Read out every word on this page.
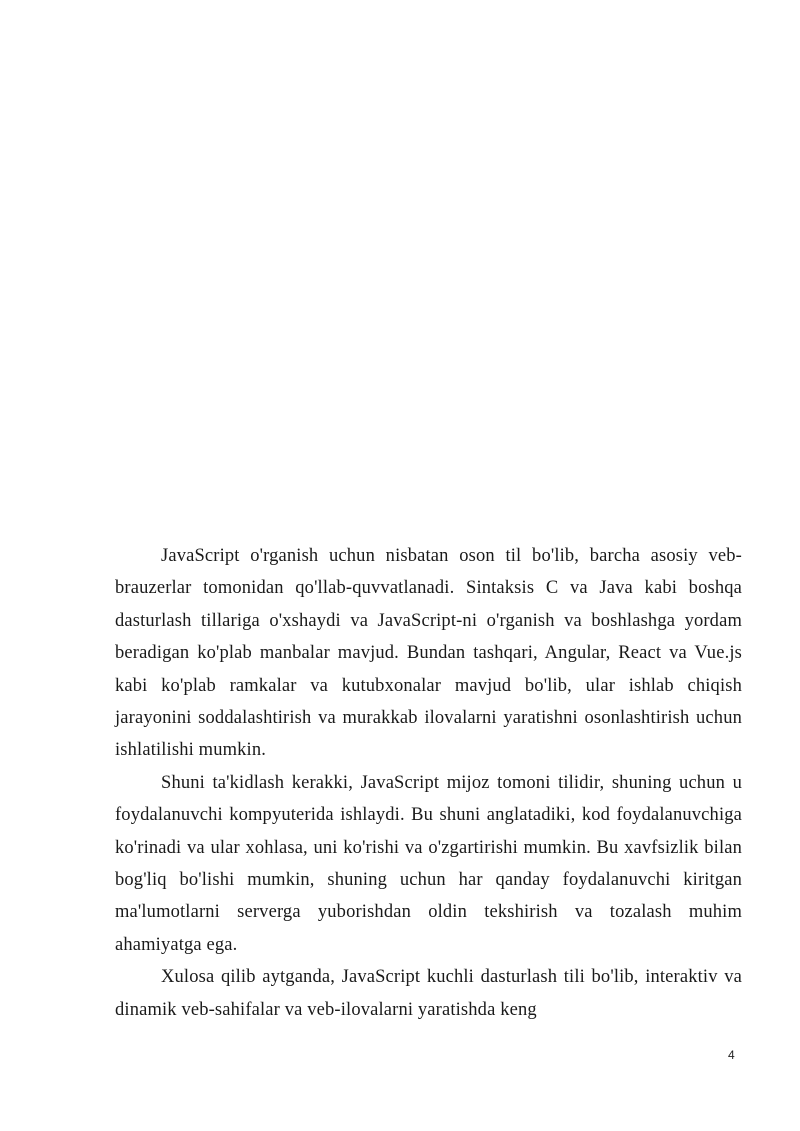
JavaScript o'rganish uchun nisbatan oson til bo'lib, barcha asosiy veb-brauzerlar tomonidan qo'llab-quvvatlanadi. Sintaksis C va Java kabi boshqa dasturlash tillariga o'xshaydi va JavaScript-ni o'rganish va boshlashga yordam beradigan ko'plab manbalar mavjud. Bundan tashqari, Angular, React va Vue.js kabi ko'plab ramkalar va kutubxonalar mavjud bo'lib, ular ishlab chiqish jarayonini soddalashtirish va murakkab ilovalarni yaratishni osonlashtirish uchun ishlatilishi mumkin.

Shuni ta'kidlash kerakki, JavaScript mijoz tomoni tilidir, shuning uchun u foydalanuvchi kompyuterida ishlaydi. Bu shuni anglatadiki, kod foydalanuvchiga ko'rinadi va ular xohlasa, uni ko'rishi va o'zgartirishi mumkin. Bu xavfsizlik bilan bog'liq bo'lishi mumkin, shuning uchun har qanday foydalanuvchi kiritgan ma'lumotlarni serverga yuborishdan oldin tekshirish va tozalash muhim ahamiyatga ega.

Xulosa qilib aytganda, JavaScript kuchli dasturlash tili bo'lib, interaktiv va dinamik veb-sahifalar va veb-ilovalarni yaratishda keng

4
